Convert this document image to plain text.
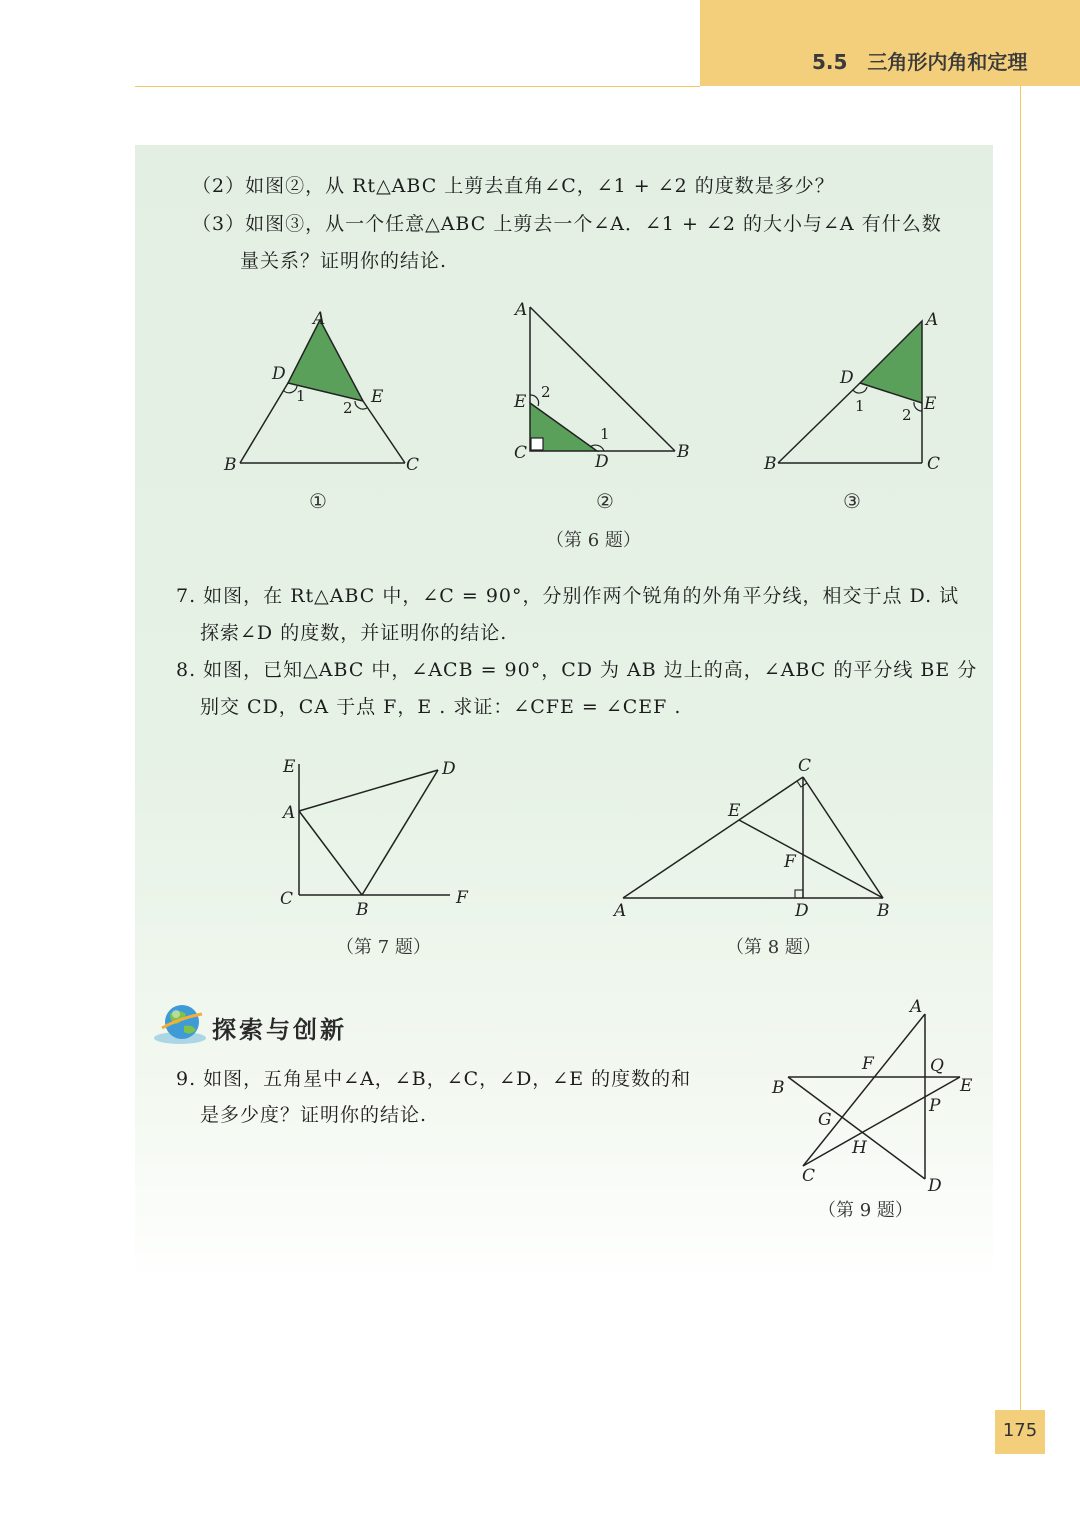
5.5　三角形内角和定理
（2）如图②，从 Rt△ABC 上剪去直角∠C，∠1 + ∠2 的度数是多少？
（3）如图③，从一个任意△ABC 上剪去一个∠A．∠1 + ∠2 的大小与∠A 有什么数
量关系？证明你的结论.
A
D
E
B	C
1
2
①
A
E 2
C	D
1
B
②
A
D
E
B	C
1 2
③
（第 6 题）
7. 如图，在 Rt△ABC 中，∠C = 90°，分别作两个锐角的外角平分线，相交于点 D. 试
探索∠D 的度数，并证明你的结论.
8. 如图，已知△ABC 中，∠ACB = 90°，CD 为 AB 边上的高，∠ABC 的平分线 BE 分
别交 CD，CA 于点 F，E . 求证：∠CFE = ∠CEF .
E	D
A
C
B
F
（第 7 题）
C
E
F
A	D	B
（第 8 题）
探索与创新
9. 如图，五角星中∠A，∠B，∠C，∠D，∠E 的度数的和
是多少度？证明你的结论.
A
B	E
F	Q
P
G
H
C	D
（第 9 题）
175
